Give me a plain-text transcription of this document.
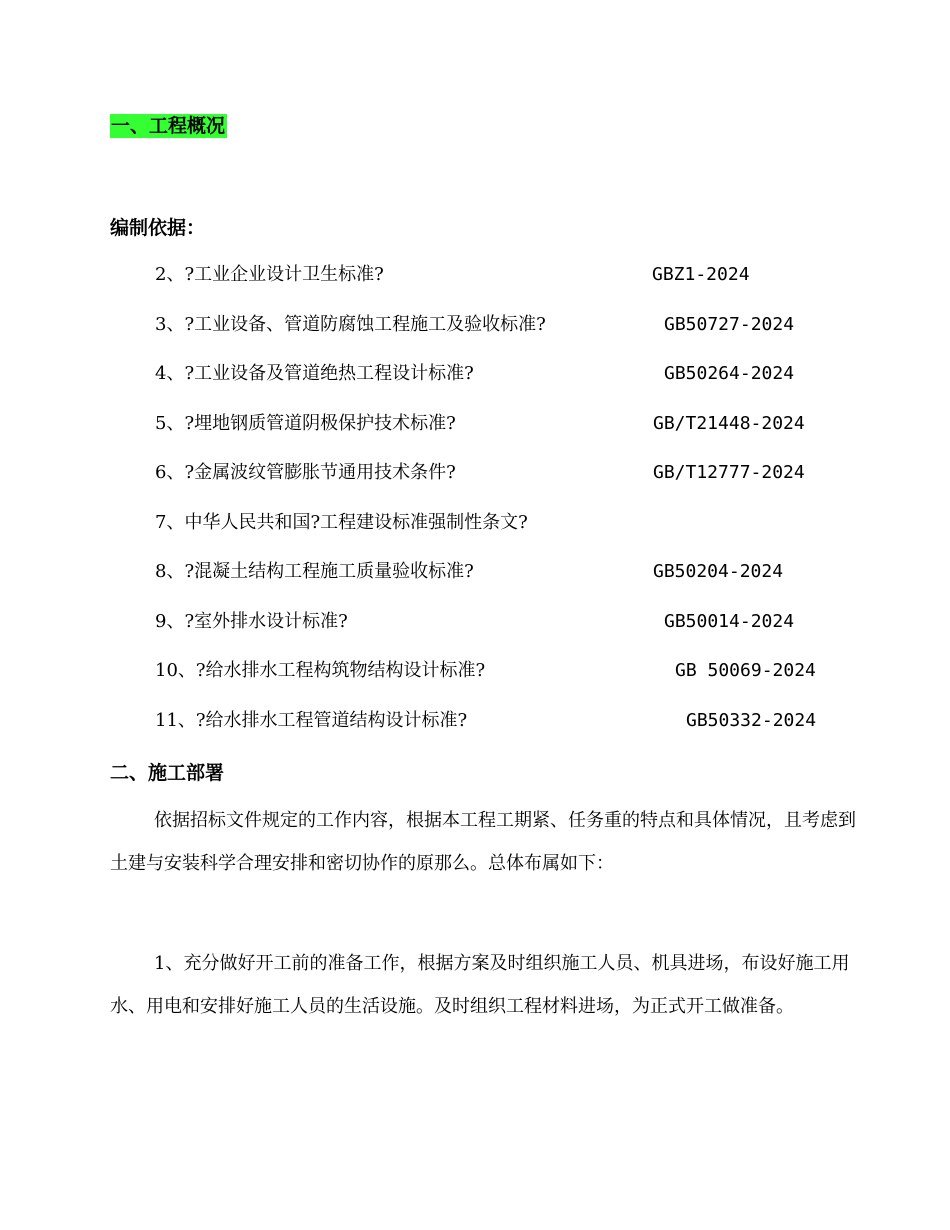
一、工程概况
编制依据：
2、?工业企业设计卫生标准?	GBZ1-2024
3、?工业设备、管道防腐蚀工程施工及验收标准?	GB50727-2024
4、?工业设备及管道绝热工程设计标准?	GB50264-2024
5、?埋地钢质管道阴极保护技术标准?	GB/T21448-2024
6、?金属波纹管膨胀节通用技术条件?	GB/T12777-2024
7、中华人民共和国?工程建设标准强制性条文?
8、?混凝土结构工程施工质量验收标准?	GB50204-2024
9、?室外排水设计标准?	GB50014-2024
10、?给水排水工程构筑物结构设计标准?	GB 50069-2024
11、?给水排水工程管道结构设计标准?	GB50332-2024
二、施工部署

依据招标文件规定的工作内容，根据本工程工期紧、任务重的特点和具体情况，且考虑到土建与安装科学合理安排和密切协作的原那么。总体布属如下：

1、充分做好开工前的准备工作，根据方案及时组织施工人员、机具进场，布设好施工用水、用电和安排好施工人员的生活设施。及时组织工程材料进场，为正式开工做准备。
